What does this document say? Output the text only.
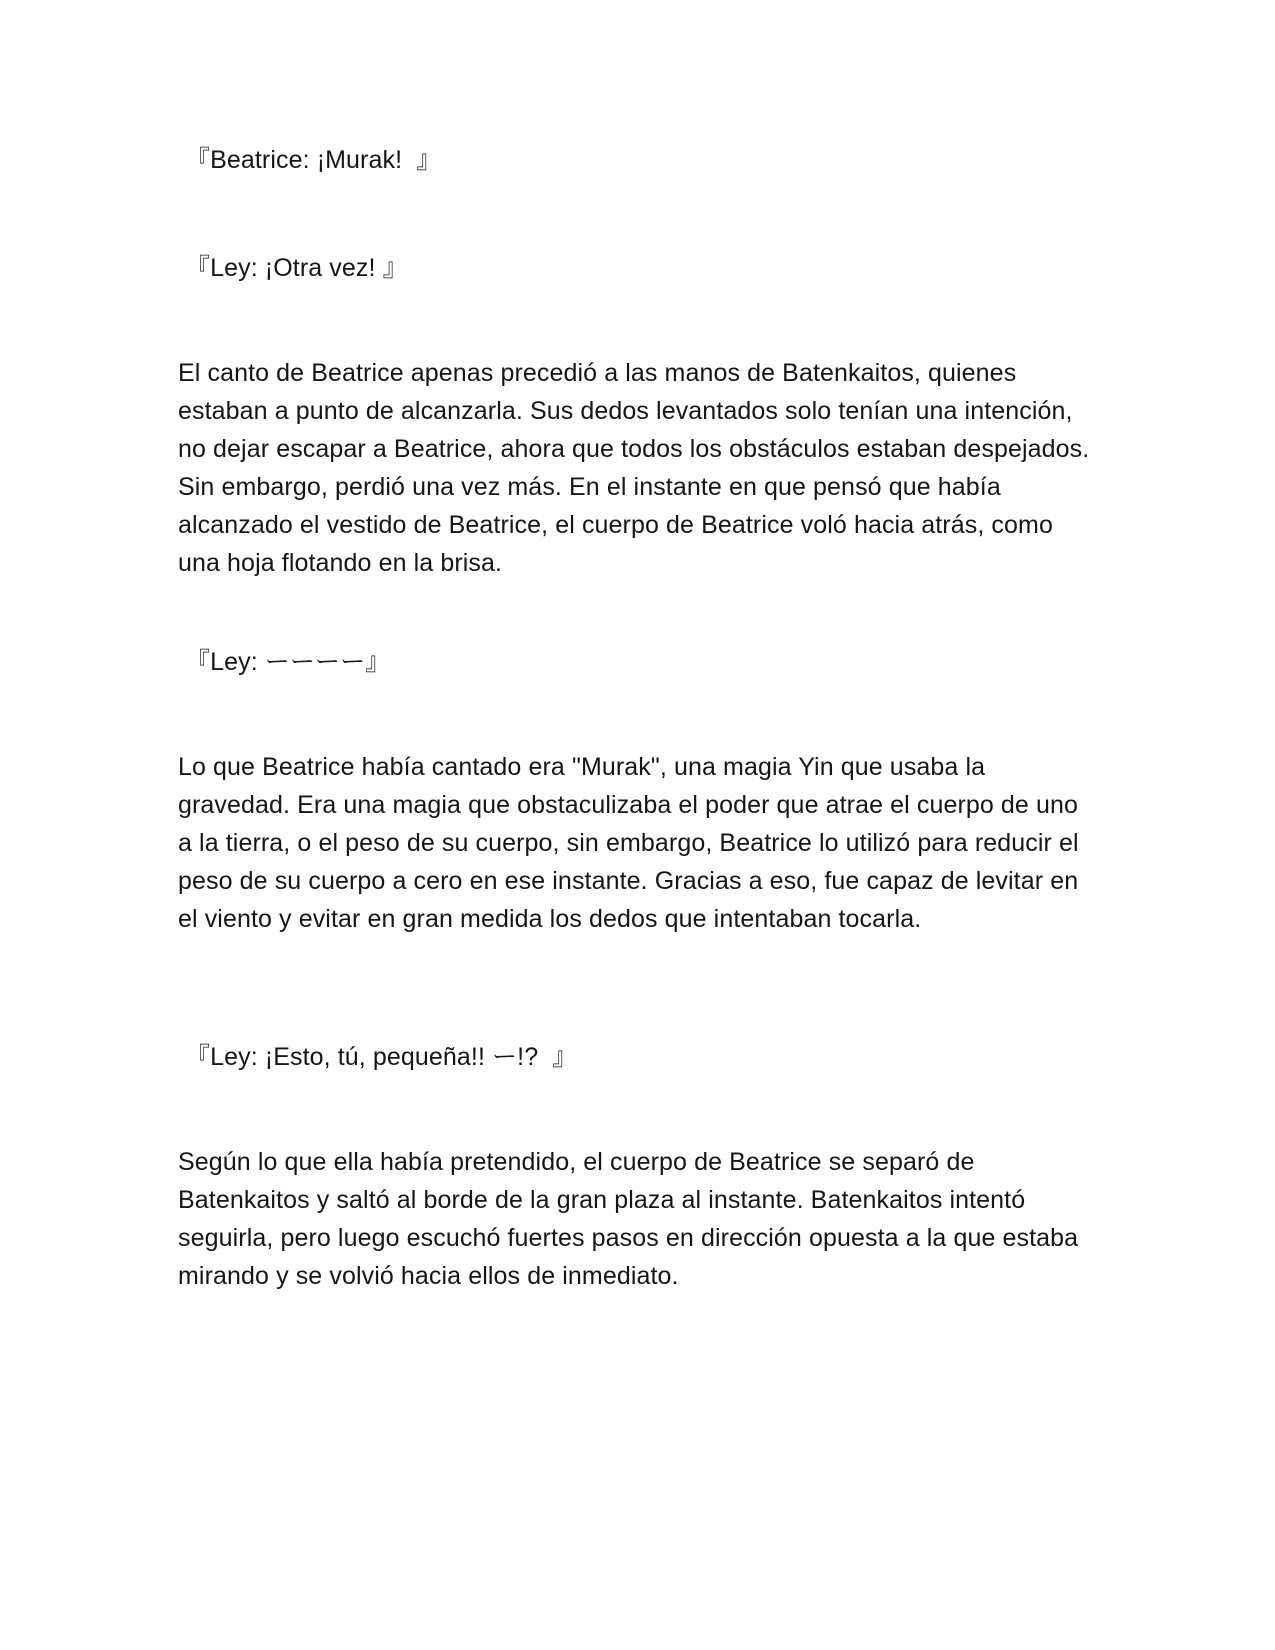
『Beatrice: ¡Murak!  』

『Ley: ¡Otra vez! 』

El canto de Beatrice apenas precedió a las manos de Batenkaitos, quienes estaban a punto de alcanzarla. Sus dedos levantados solo tenían una intención, no dejar escapar a Beatrice, ahora que todos los obstáculos estaban despejados. Sin embargo, perdió una vez más. En el instante en que pensó que había alcanzado el vestido de Beatrice, el cuerpo de Beatrice voló hacia atrás, como una hoja flotando en la brisa.

『Ley: ーーーー』

Lo que Beatrice había cantado era "Murak", una magia Yin que usaba la gravedad. Era una magia que obstaculizaba el poder que atrae el cuerpo de uno a la tierra, o el peso de su cuerpo, sin embargo, Beatrice lo utilizó para reducir el peso de su cuerpo a cero en ese instante. Gracias a eso, fue capaz de levitar en el viento y evitar en gran medida los dedos que intentaban tocarla.

『Ley: ¡Esto, tú, pequeña!! ー!?  』

Según lo que ella había pretendido, el cuerpo de Beatrice se separó de Batenkaitos y saltó al borde de la gran plaza al instante. Batenkaitos intentó seguirla, pero luego escuchó fuertes pasos en dirección opuesta a la que estaba mirando y se volvió hacia ellos de inmediato.
